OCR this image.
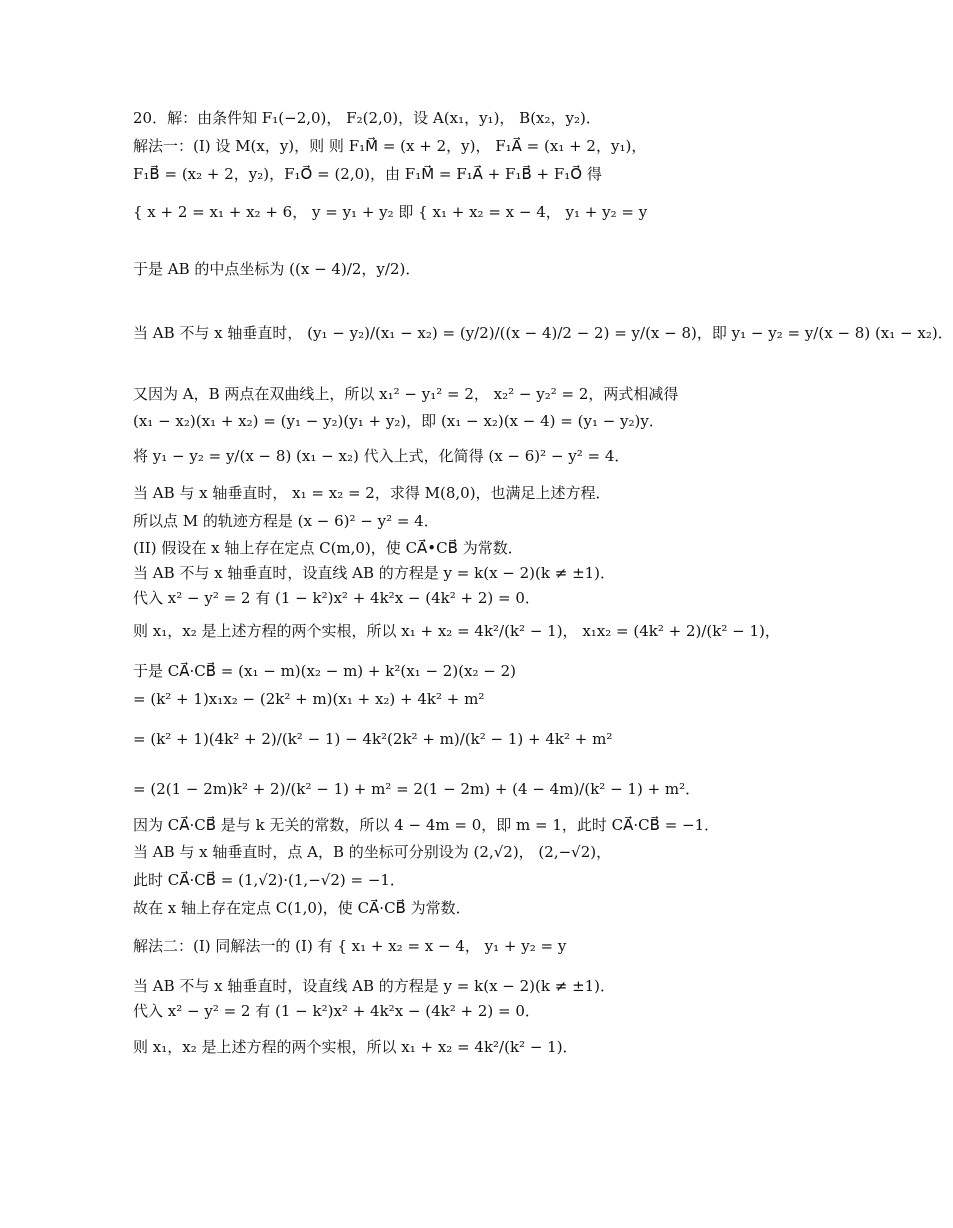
20．解：由条件知 F₁(−2,0)， F₂(2,0)，设 A(x₁，y₁)， B(x₂，y₂)．
解法一：(I) 设 M(x，y)，则 则 F₁M⃗ = (x + 2，y)， F₁A⃗ = (x₁ + 2，y₁)，
F₁B⃗ = (x₂ + 2，y₂)，F₁O⃗ = (2,0)，由 F₁M⃗ = F₁A⃗ + F₁B⃗ + F₁O⃗ 得
{ x + 2 = x₁ + x₂ + 6， y = y₁ + y₂ 即 { x₁ + x₂ = x − 4， y₁ + y₂ = y
于是 AB 的中点坐标为 ((x − 4)/2，y/2)．
当 AB 不与 x 轴垂直时， (y₁ − y₂)/(x₁ − x₂) = (y/2)/((x − 4)/2 − 2) = y/(x − 8)，即 y₁ − y₂ = y/(x − 8) (x₁ − x₂)．
又因为 A，B 两点在双曲线上，所以 x₁² − y₁² = 2， x₂² − y₂² = 2，两式相减得
(x₁ − x₂)(x₁ + x₂) = (y₁ − y₂)(y₁ + y₂)，即 (x₁ − x₂)(x − 4) = (y₁ − y₂)y．
将 y₁ − y₂ = y/(x − 8) (x₁ − x₂) 代入上式，化简得 (x − 6)² − y² = 4．
当 AB 与 x 轴垂直时， x₁ = x₂ = 2，求得 M(8,0)，也满足上述方程．
所以点 M 的轨迹方程是 (x − 6)² − y² = 4．
(II) 假设在 x 轴上存在定点 C(m,0)，使 CA⃗•CB⃗ 为常数．
当 AB 不与 x 轴垂直时，设直线 AB 的方程是 y = k(x − 2)(k ≠ ±1)．
代入 x² − y² = 2 有 (1 − k²)x² + 4k²x − (4k² + 2) = 0．
则 x₁，x₂ 是上述方程的两个实根，所以 x₁ + x₂ = 4k²/(k² − 1)， x₁x₂ = (4k² + 2)/(k² − 1)，
于是 CA⃗·CB⃗ = (x₁ − m)(x₂ − m) + k²(x₁ − 2)(x₂ − 2)
= (k² + 1)x₁x₂ − (2k² + m)(x₁ + x₂) + 4k² + m²
= (k² + 1)(4k² + 2)/(k² − 1) − 4k²(2k² + m)/(k² − 1) + 4k² + m²
= (2(1 − 2m)k² + 2)/(k² − 1) + m² = 2(1 − 2m) + (4 − 4m)/(k² − 1) + m²．
因为 CA⃗·CB⃗ 是与 k 无关的常数，所以 4 − 4m = 0，即 m = 1，此时 CA⃗·CB⃗ = −1．
当 AB 与 x 轴垂直时，点 A，B 的坐标可分别设为 (2,√2)， (2,−√2)，
此时 CA⃗·CB⃗ = (1,√2)·(1,−√2) = −1．
故在 x 轴上存在定点 C(1,0)，使 CA⃗·CB⃗ 为常数．
解法二：(I) 同解法一的 (I) 有 { x₁ + x₂ = x − 4， y₁ + y₂ = y
当 AB 不与 x 轴垂直时，设直线 AB 的方程是 y = k(x − 2)(k ≠ ±1)．
代入 x² − y² = 2 有 (1 − k²)x² + 4k²x − (4k² + 2) = 0．
则 x₁，x₂ 是上述方程的两个实根，所以 x₁ + x₂ = 4k²/(k² − 1)．
